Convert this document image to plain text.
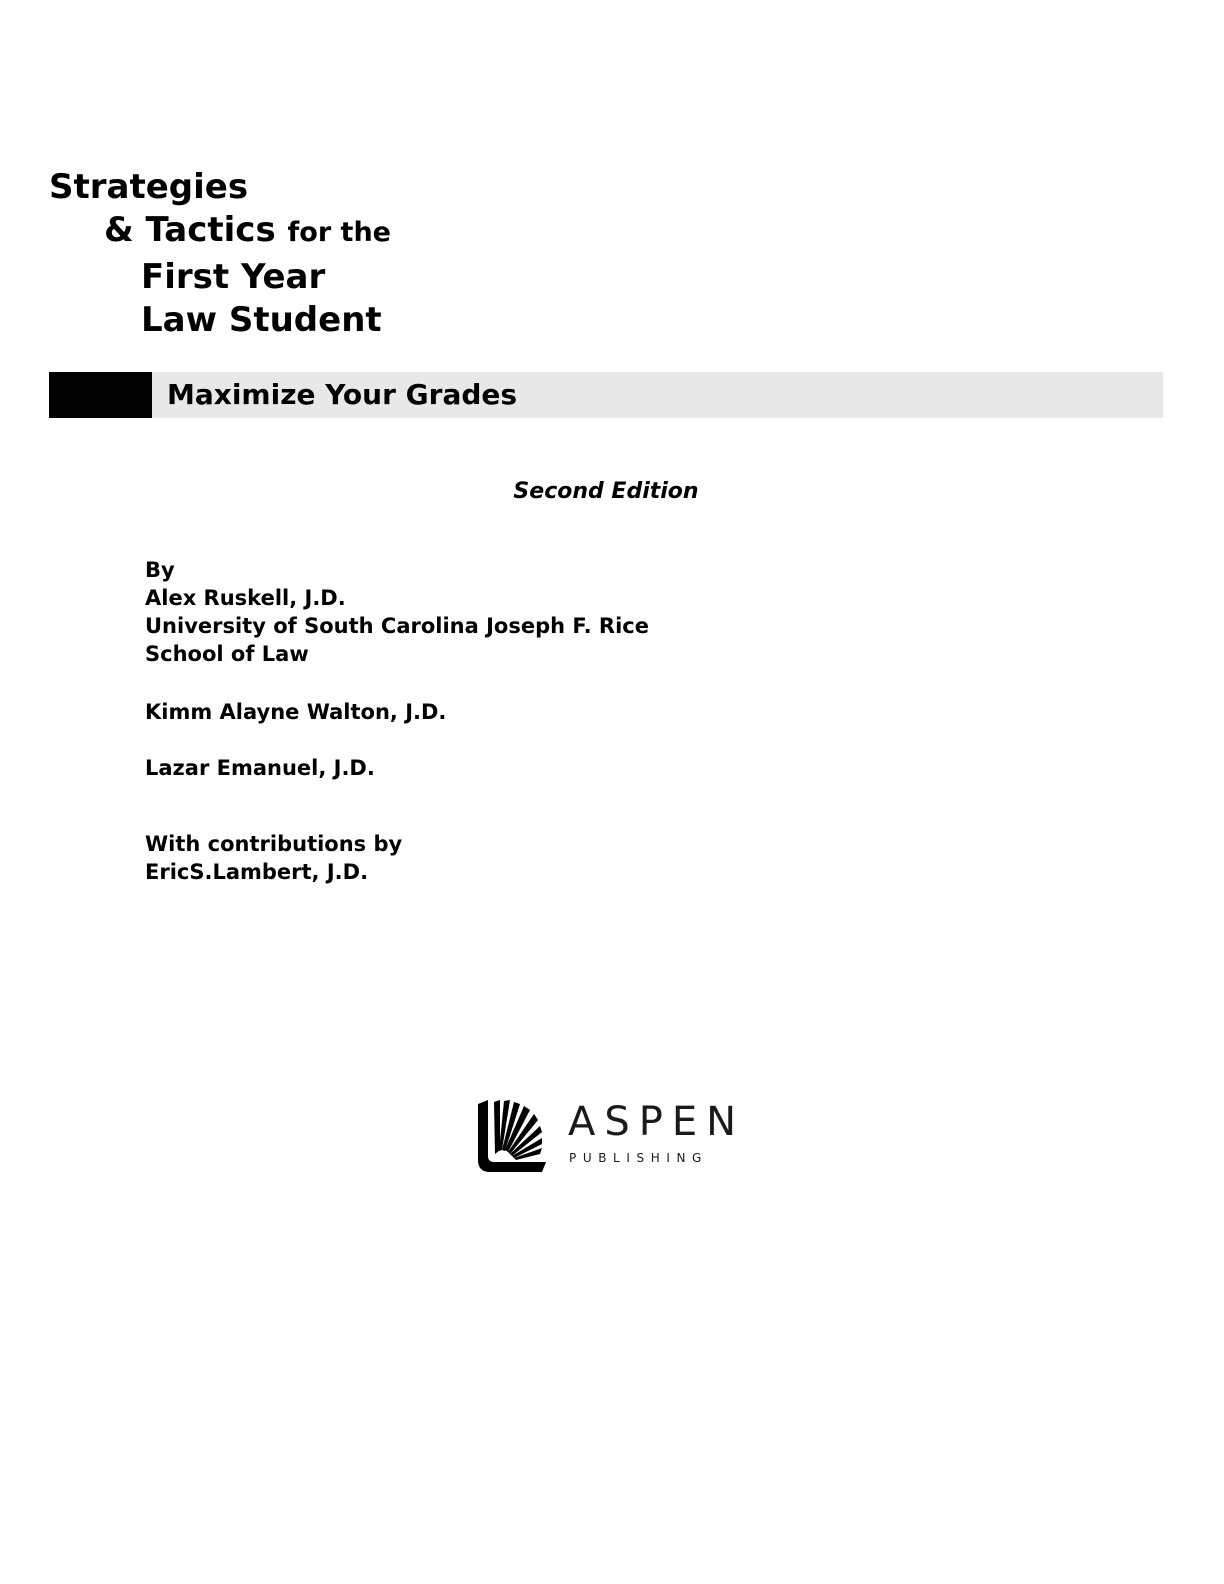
Strategies
& Tactics for the
First Year
Law Student
Maximize Your Grades
Second Edition
By
Alex Ruskell, J.D.
University of South Carolina Joseph F. Rice
School of Law
Kimm Alayne Walton, J.D.
Lazar Emanuel, J.D.
With contributions by
EricS.Lambert, J.D.
ASPEN
PUBLISHING
